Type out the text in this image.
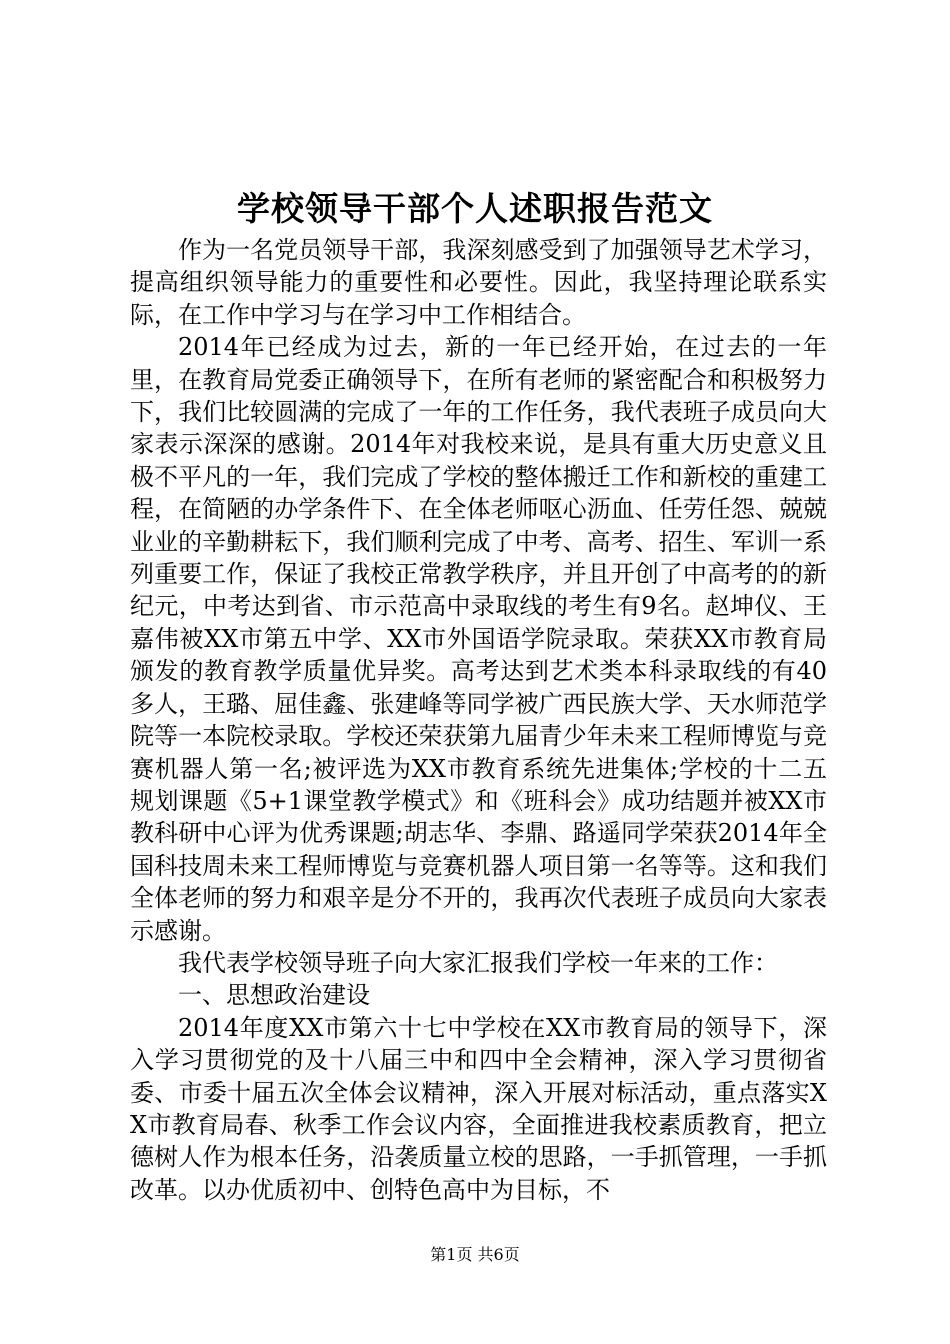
学校领导干部个人述职报告范文

作为一名党员领导干部，我深刻感受到了加强领导艺术学习，提高组织领导能力的重要性和必要性。因此，我坚持理论联系实际，在工作中学习与在学习中工作相结合。

2014年已经成为过去，新的一年已经开始，在过去的一年里，在教育局党委正确领导下，在所有老师的紧密配合和积极努力下，我们比较圆满的完成了一年的工作任务，我代表班子成员向大家表示深深的感谢。2014年对我校来说，是具有重大历史意义且极不平凡的一年，我们完成了学校的整体搬迁工作和新校的重建工程，在简陋的办学条件下、在全体老师呕心沥血、任劳任怨、兢兢业业的辛勤耕耘下，我们顺利完成了中考、高考、招生、军训一系列重要工作，保证了我校正常教学秩序，并且开创了中高考的的新纪元，中考达到省、市示范高中录取线的考生有9名。赵坤仪、王嘉伟被XX市第五中学、XX市外国语学院录取。荣获XX市教育局颁发的教育教学质量优异奖。高考达到艺术类本科录取线的有40多人，王璐、屈佳鑫、张建峰等同学被广西民族大学、天水师范学院等一本院校录取。学校还荣获第九届青少年未来工程师博览与竞赛机器人第一名;被评选为XX市教育系统先进集体;学校的十二五规划课题《5+1课堂教学模式》和《班科会》成功结题并被XX市教科研中心评为优秀课题;胡志华、李鼎、路遥同学荣获2014年全国科技周未来工程师博览与竞赛机器人项目第一名等等。这和我们全体老师的努力和艰辛是分不开的，我再次代表班子成员向大家表示感谢。

我代表学校领导班子向大家汇报我们学校一年来的工作：

一、思想政治建设

2014年度XX市第六十七中学校在XX市教育局的领导下，深入学习贯彻党的及十八届三中和四中全会精神，深入学习贯彻省委、市委十届五次全体会议精神，深入开展对标活动，重点落实XX市教育局春、秋季工作会议内容，全面推进我校素质教育，把立德树人作为根本任务，沿袭质量立校的思路，一手抓管理，一手抓改革。以办优质初中、创特色高中为目标，不

第1页 共6页
